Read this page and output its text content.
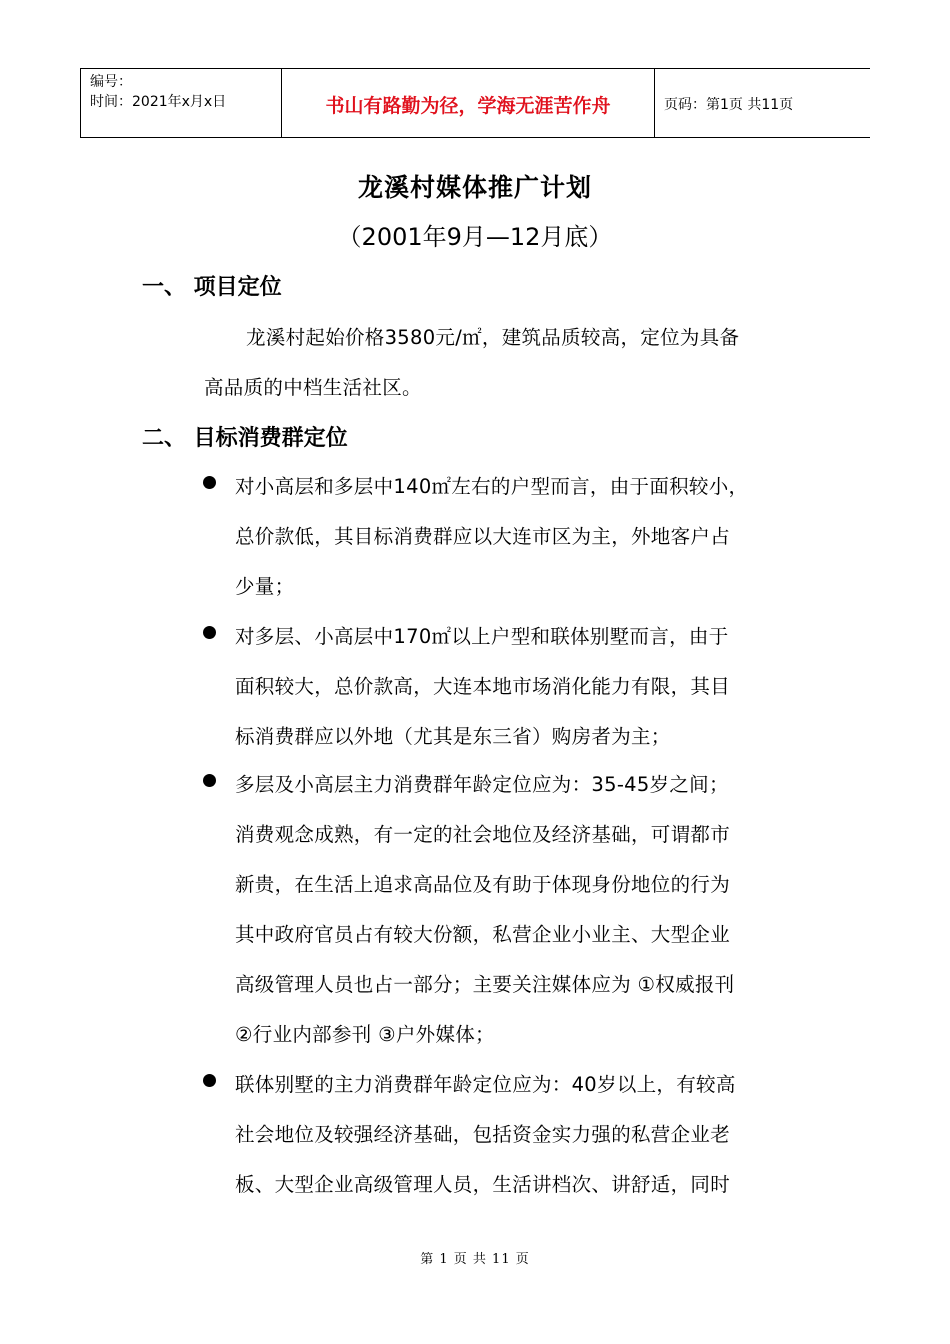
编号：
时间：2021年x月x日	书山有路勤为径，学海无涯苦作舟	页码：第1页 共11页
龙溪村媒体推广计划
（2001年9月—12月底）
一、 项目定位
龙溪村起始价格3580元/㎡，建筑品质较高，定位为具备
高品质的中档生活社区。
二、 目标消费群定位
对小高层和多层中140㎡左右的户型而言，由于面积较小，
总价款低，其目标消费群应以大连市区为主，外地客户占
少量；
对多层、小高层中170㎡以上户型和联体别墅而言，由于
面积较大，总价款高，大连本地市场消化能力有限，其目
标消费群应以外地（尤其是东三省）购房者为主；
多层及小高层主力消费群年龄定位应为：35-45岁之间；
消费观念成熟，有一定的社会地位及经济基础，可谓都市
新贵，在生活上追求高品位及有助于体现身份地位的行为
其中政府官员占有较大份额，私营企业小业主、大型企业
高级管理人员也占一部分；主要关注媒体应为 ①权威报刊
②行业内部参刊 ③户外媒体；
联体别墅的主力消费群年龄定位应为：40岁以上，有较高
社会地位及较强经济基础，包括资金实力强的私营企业老
板、大型企业高级管理人员，生活讲档次、讲舒适，同时
第 1 页 共 11 页
